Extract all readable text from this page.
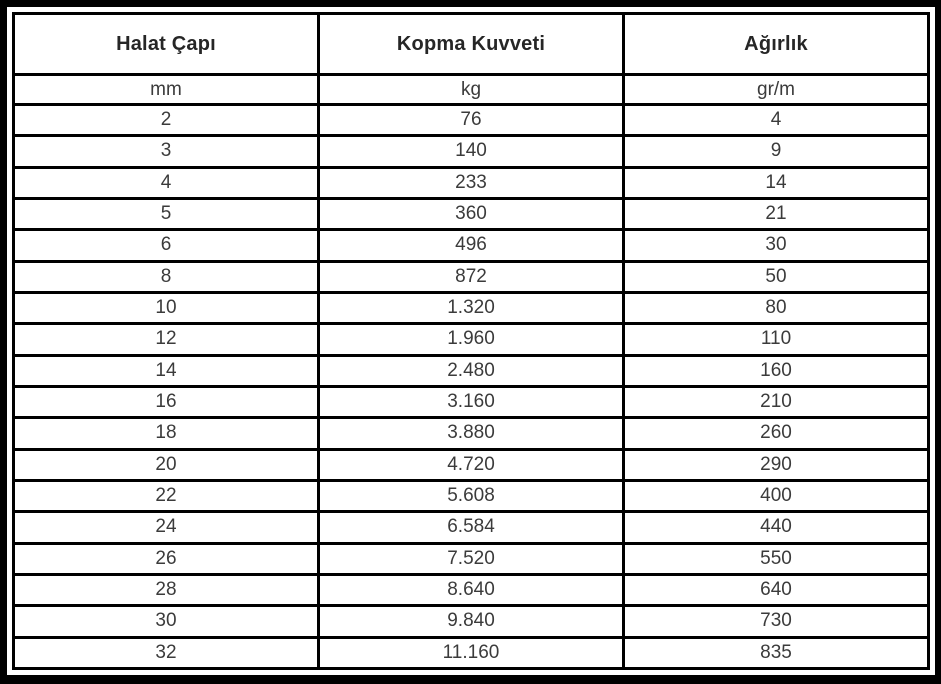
Halat Çapı	Kopma Kuvveti	Ağırlık
mm	kg	gr/m
2	76	4
3	140	9
4	233	14
5	360	21
6	496	30
8	872	50
10	1.320	80
12	1.960	110
14	2.480	160
16	3.160	210
18	3.880	260
20	4.720	290
22	5.608	400
24	6.584	440
26	7.520	550
28	8.640	640
30	9.840	730
32	11.160	835
